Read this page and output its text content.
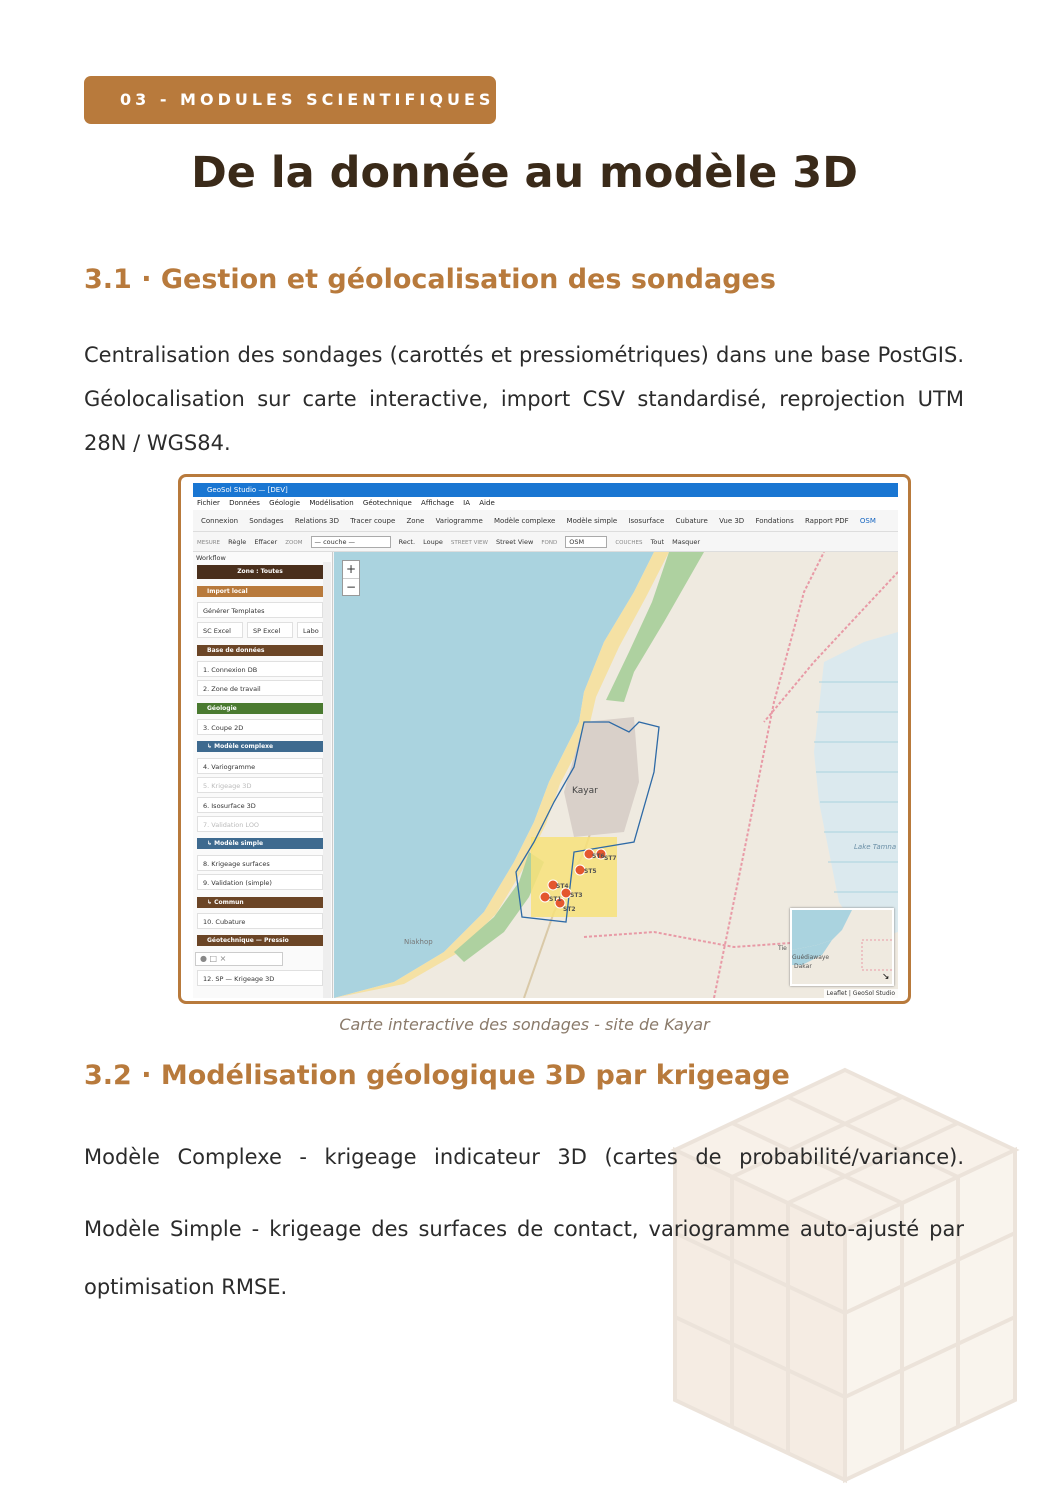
03 - MODULES SCIENTIFIQUES
De la donnée au modèle 3D
3.1 · Gestion et géolocalisation des sondages
Centralisation des sondages (carottés et pressiométriques) dans une base PostGIS. Géolocalisation sur carte interactive, import CSV standardisé, reprojection UTM 28N / WGS84.
GeoSol Studio — [DEV]
Fichier Données Géologie Modélisation Géotechnique Affichage IA Aide
Connexion Sondages Relations 3D Tracer coupe Zone Variogramme Modèle complexe Modèle simple Isosurface Cubature Vue 3D Fondations Rapport PDF OSM
MESURE Règle Effacer ZOOM — couche —	Rect. Loupe STREET VIEW Street View FOND OSM	COUCHES Tout Masquer
Workflow
Zone : Toutes
Import local
Générer Templates
SC Excel	SP Excel	Labo
Base de données
1. Connexion DB
2. Zone de travail
Géologie
3. Coupe 2D
↳ Modèle complexe
4. Variogramme
5. Krigeage 3D
6. Isosurface 3D
7. Validation LOO
↳ Modèle simple
8. Krigeage surfaces
9. Validation (simple)
↳ Commun
10. Cubature
Géotechnique — Pressio
● □ ×
12. SP — Krigeage 3D
ST1
ST2
ST3
ST4
ST5
ST6 ST7
Kayar
Niakhop
Lake Tamna
+
−
Guédiawaye
Dakar
↘
Tie
Leaflet | GeoSol Studio
Carte interactive des sondages - site de Kayar
3.2 · Modélisation géologique 3D par krigeage
Modèle Complexe - krigeage indicateur 3D (cartes de probabilité/variance).
Modèle Simple - krigeage des surfaces de contact, variogramme auto-ajusté par optimisation RMSE.
